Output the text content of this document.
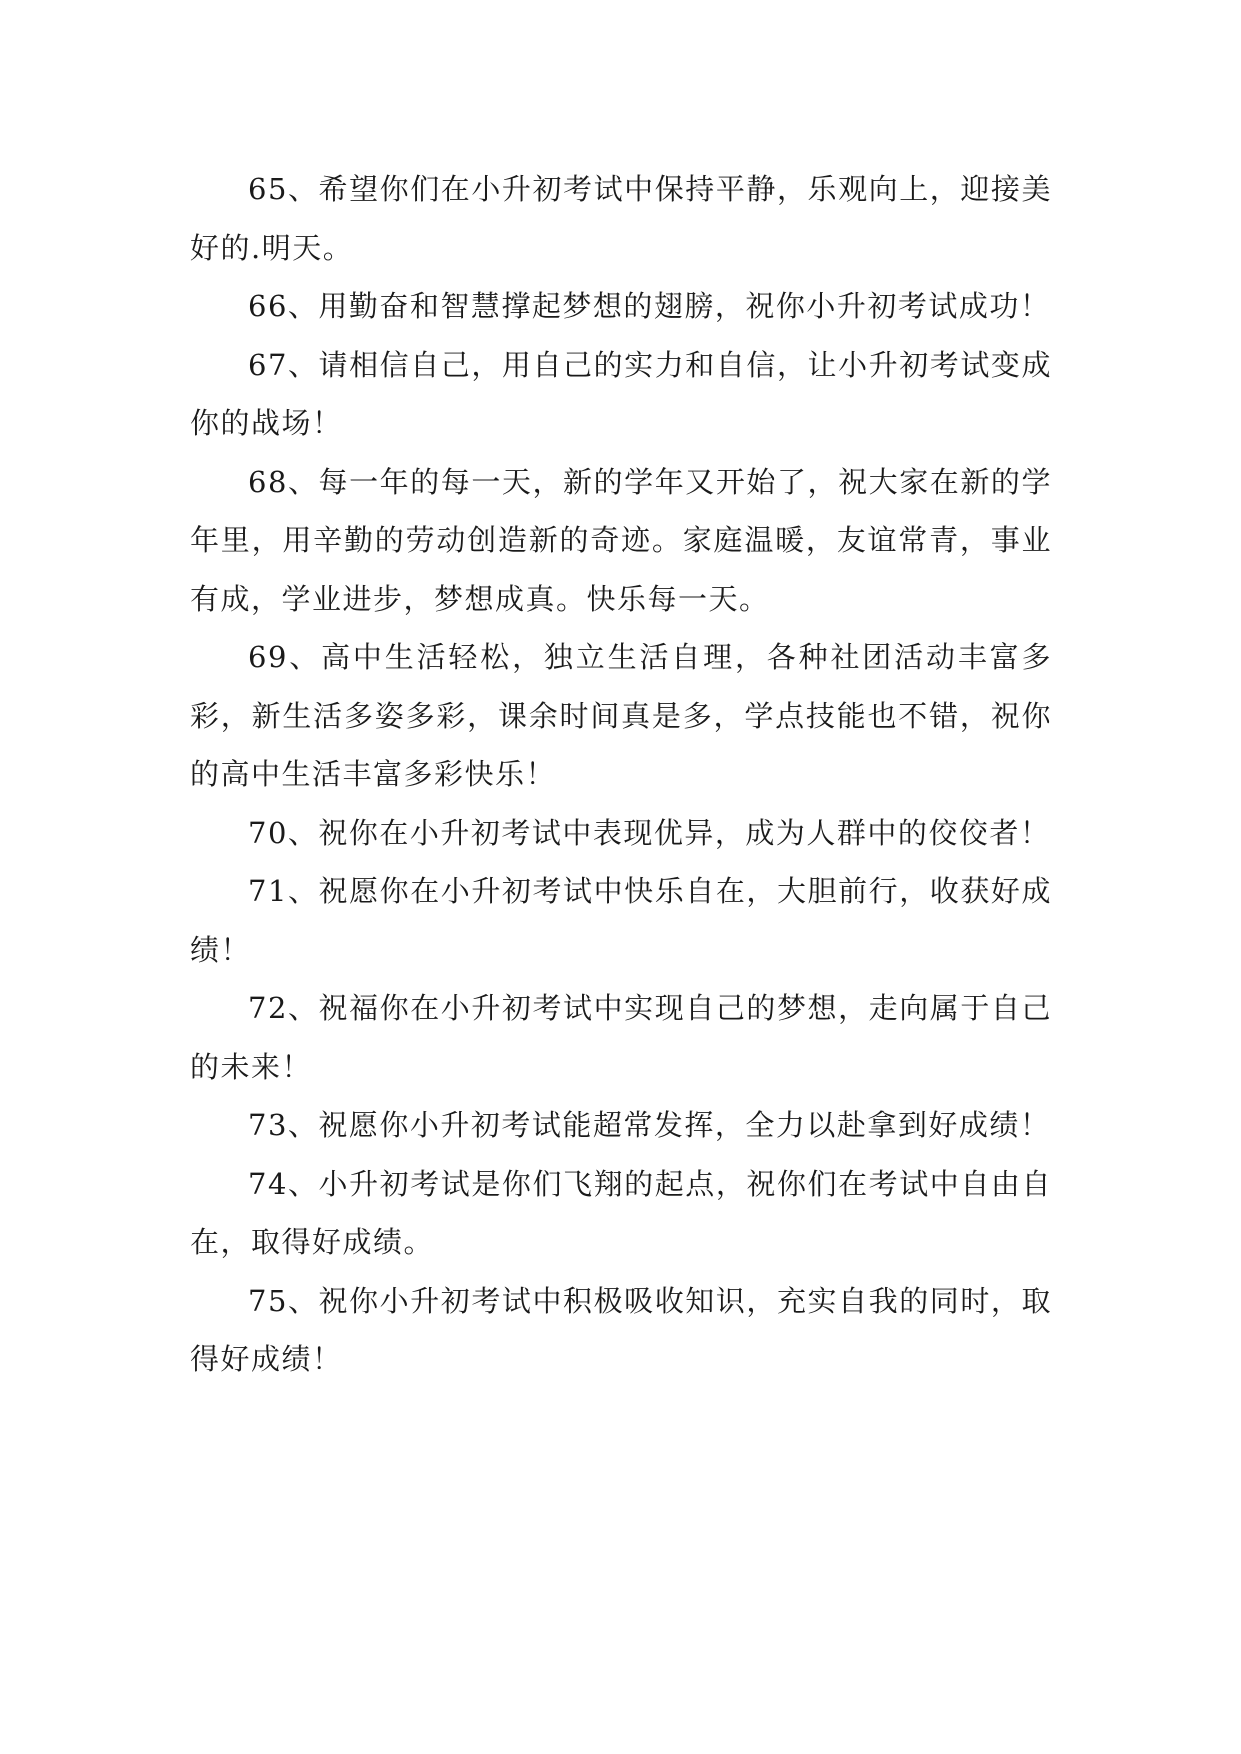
65、希望你们在小升初考试中保持平静，乐观向上，迎接美好的.明天。

66、用勤奋和智慧撑起梦想的翅膀，祝你小升初考试成功！

67、请相信自己，用自己的实力和自信，让小升初考试变成你的战场！

68、每一年的每一天，新的学年又开始了，祝大家在新的学年里，用辛勤的劳动创造新的奇迹。家庭温暖，友谊常青，事业有成，学业进步，梦想成真。快乐每一天。

69、高中生活轻松，独立生活自理，各种社团活动丰富多彩，新生活多姿多彩，课余时间真是多，学点技能也不错，祝你的高中生活丰富多彩快乐！

70、祝你在小升初考试中表现优异，成为人群中的佼佼者！

71、祝愿你在小升初考试中快乐自在，大胆前行，收获好成绩！

72、祝福你在小升初考试中实现自己的梦想，走向属于自己的未来！

73、祝愿你小升初考试能超常发挥，全力以赴拿到好成绩！

74、小升初考试是你们飞翔的起点，祝你们在考试中自由自在，取得好成绩。

75、祝你小升初考试中积极吸收知识，充实自我的同时，取得好成绩！
